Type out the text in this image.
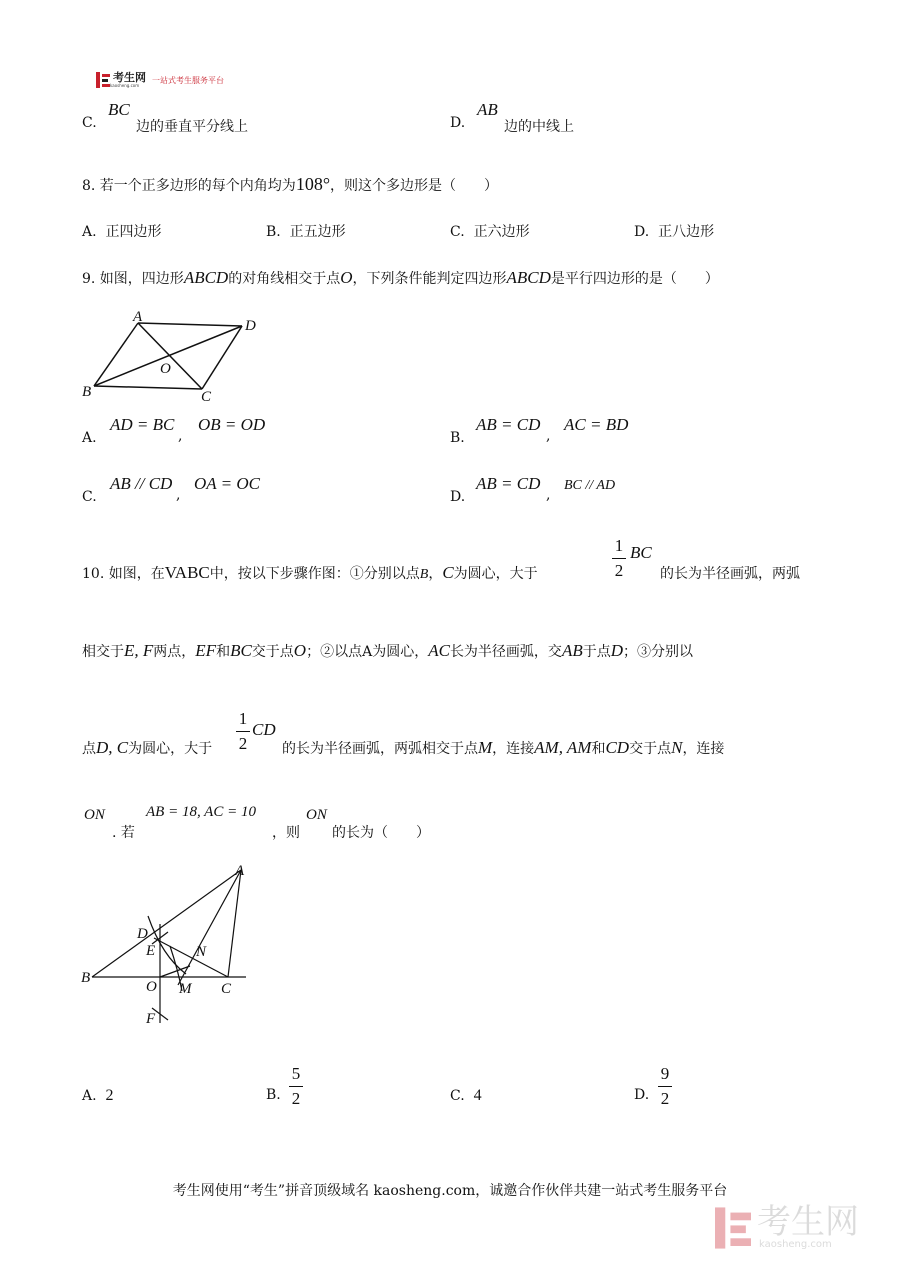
考生网
kaosheng.com
一站式考生服务平台
C.
BC
边的垂直平分线上	D.
AB
边的中线上
8. 若一个正多边形的每个内角均为108°，则这个多边形是（　　）
A. 正四边形	B. 正五边形	C. 正六边形	D. 正八边形
9. 如图，四边形ABCD的对角线相交于点O，下列条件能判定四边形ABCD是平行四边形的是（　　）
A
D
B	C
O
A.
AD = BC
,
OB = OD
B.
AB = CD
,
AC = BD
C.
AB // CD
,
OA = OC
D.
AB = CD
,
BC // AD
10. 如图，在VABC中，按以下步骤作图：①分别以点B，C为圆心，大于
1
2
BC
的长为半径画弧，两弧
相交于E, F两点，EF和BC交于点O；②以点A为圆心，AC长为半径画弧，交AB于点D；③分别以
点D, C为圆心，大于
1
2
CD
的长为半径画弧，两弧相交于点M，连接AM, AM和CD交于点N，连接
ON
. 若
AB = 18, AC = 10
，则
ON
的长为（　　）
A
B
C
D
E
F
M
N
O
A. 2	B.
5
2	C. 4	D.
9
2
考生网使用“考生”拼音顶级域名 kaosheng.com，诚邀合作伙伴共建一站式考生服务平台
考生网
kaosheng.com
